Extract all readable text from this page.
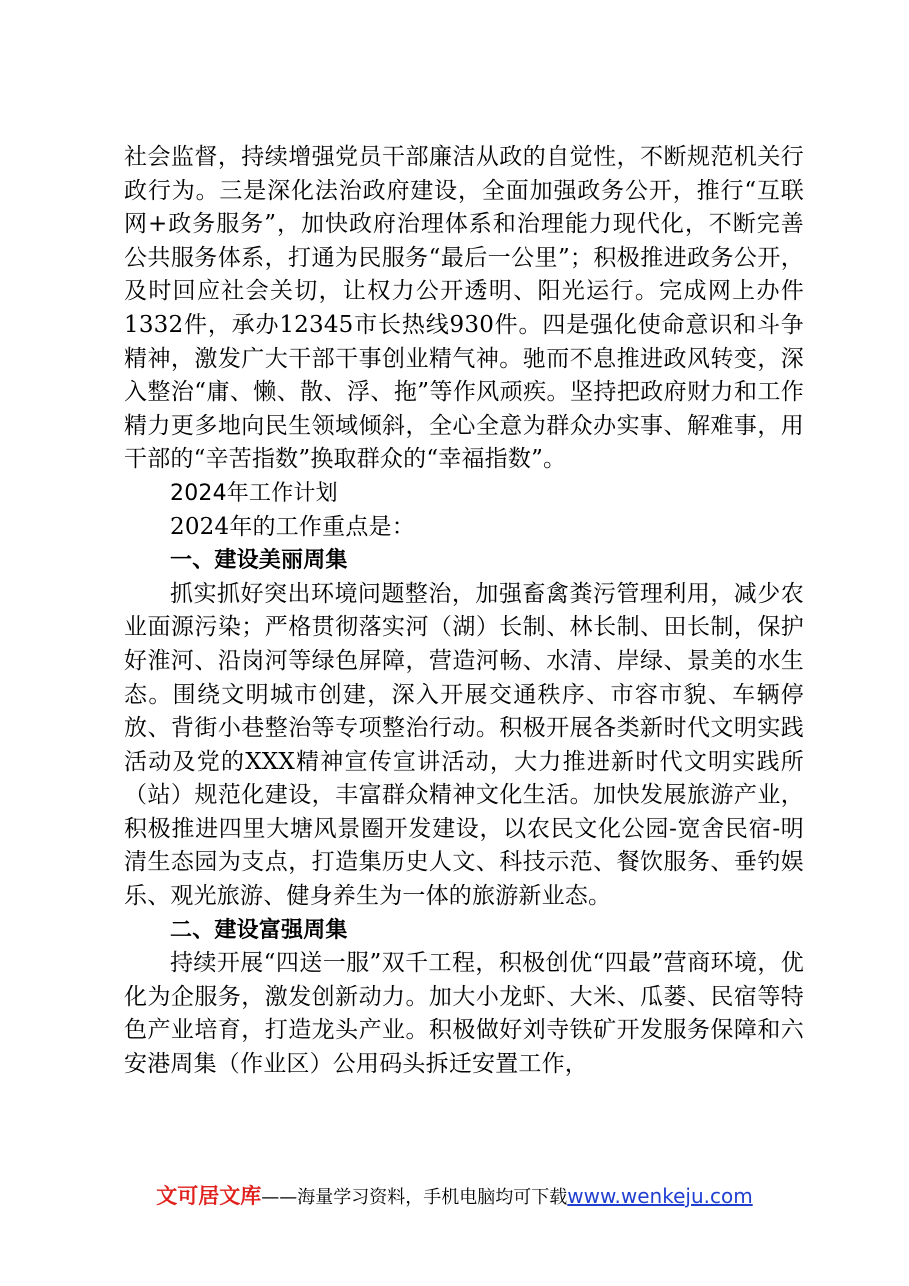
社会监督，持续增强党员干部廉洁从政的自觉性，不断规范机关行政行为。三是深化法治政府建设，全面加强政务公开，推行“互联网+政务服务”，加快政府治理体系和治理能力现代化，不断完善公共服务体系，打通为民服务“最后一公里”；积极推进政务公开，及时回应社会关切，让权力公开透明、阳光运行。完成网上办件1332件，承办12345市长热线930件。四是强化使命意识和斗争精神，激发广大干部干事创业精气神。驰而不息推进政风转变，深入整治“庸、懒、散、浮、拖”等作风顽疾。坚持把政府财力和工作精力更多地向民生领域倾斜，全心全意为群众办实事、解难事，用干部的“辛苦指数”换取群众的“幸福指数”。

2024年工作计划

2024年的工作重点是：

一、建设美丽周集

抓实抓好突出环境问题整治，加强畜禽粪污管理利用，减少农业面源污染；严格贯彻落实河（湖）长制、林长制、田长制，保护好淮河、沿岗河等绿色屏障，营造河畅、水清、岸绿、景美的水生态。围绕文明城市创建，深入开展交通秩序、市容市貌、车辆停放、背街小巷整治等专项整治行动。积极开展各类新时代文明实践活动及党的XXX精神宣传宣讲活动，大力推进新时代文明实践所（站）规范化建设，丰富群众精神文化生活。加快发展旅游产业，积极推进四里大塘风景圈开发建设，以农民文化公园-宽舍民宿-明清生态园为支点，打造集历史人文、科技示范、餐饮服务、垂钓娱乐、观光旅游、健身养生为一体的旅游新业态。

二、建设富强周集

持续开展“四送一服”双千工程，积极创优“四最”营商环境，优化为企服务，激发创新动力。加大小龙虾、大米、瓜蒌、民宿等特色产业培育，打造龙头产业。积极做好刘寺铁矿开发服务保障和六安港周集（作业区）公用码头拆迁安置工作，

文可居文库——海量学习资料，手机电脑均可下载www.wenkeju.com
